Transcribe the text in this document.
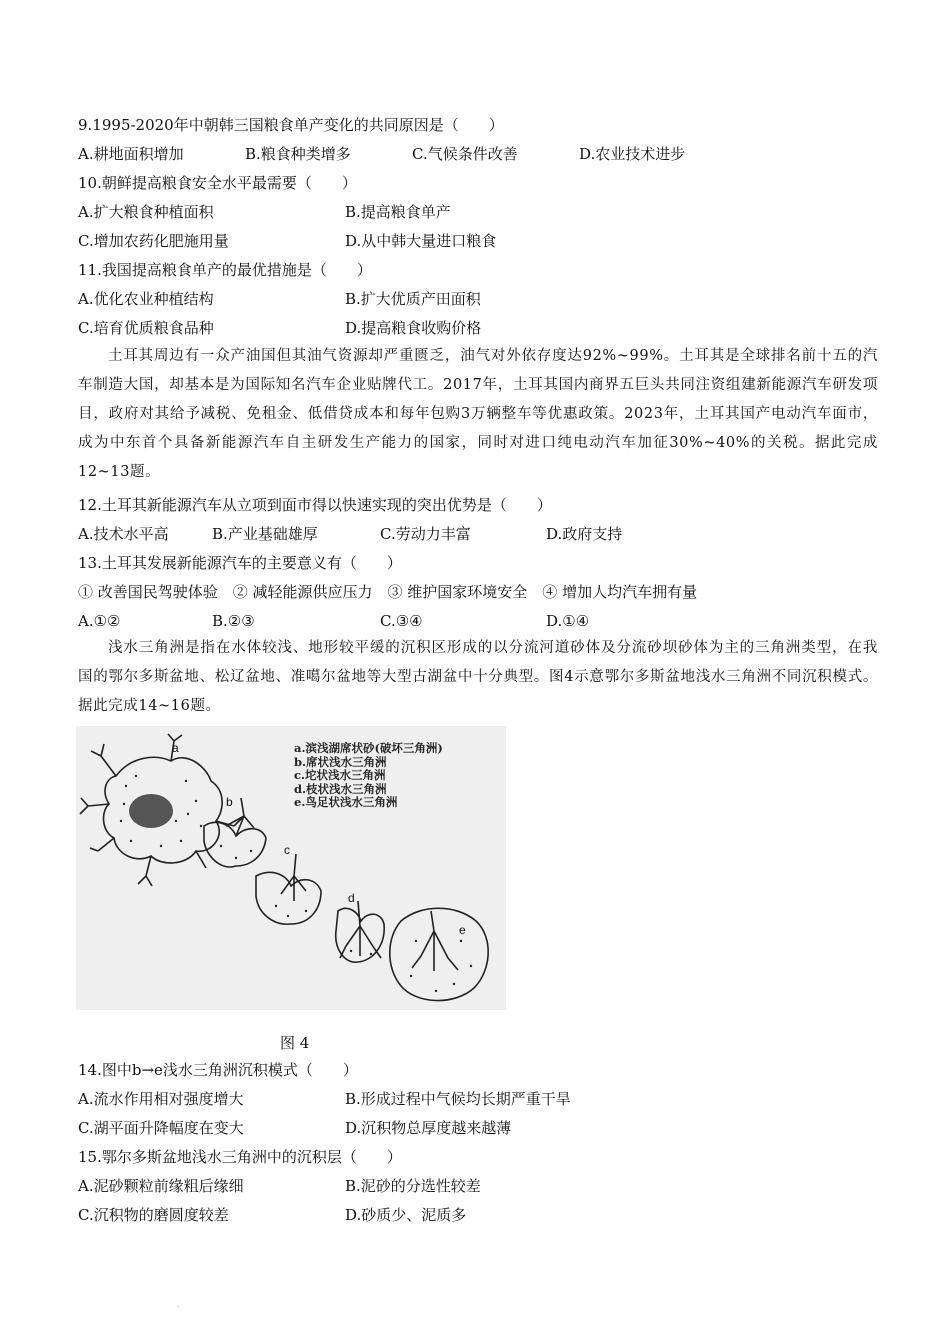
9.1995-2020年中朝韩三国粮食单产变化的共同原因是（　　）
A.耕地面积增加	B.粮食种类增多	C.气候条件改善	D.农业技术进步
10.朝鲜提高粮食安全水平最需要（　　）
A.扩大粮食种植面积	B.提高粮食单产
C.增加农药化肥施用量	D.从中韩大量进口粮食
11.我国提高粮食单产的最优措施是（　　）
A.优化农业种植结构	B.扩大优质产田面积
C.培育优质粮食品种	D.提高粮食收购价格
土耳其周边有一众产油国但其油气资源却严重匮乏，油气对外依存度达92%~99%。土耳其是全球排名前十五的汽车制造大国，却基本是为国际知名汽车企业贴牌代工。2017年，土耳其国内商界五巨头共同注资组建新能源汽车研发项目，政府对其给予减税、免租金、低借贷成本和每年包购3万辆整车等优惠政策。2023年，土耳其国产电动汽车面市，成为中东首个具备新能源汽车自主研发生产能力的国家，同时对进口纯电动汽车加征30%~40%的关税。据此完成12~13题。
12.土耳其新能源汽车从立项到面市得以快速实现的突出优势是（　　）
A.技术水平高	B.产业基础雄厚	C.劳动力丰富	D.政府支持
13.土耳其发展新能源汽车的主要意义有（　　）
① 改善国民驾驶体验　② 减轻能源供应压力　③ 维护国家环境安全　④ 增加人均汽车拥有量
A.①②	B.②③	C.③④	D.①④
浅水三角洲是指在水体较浅、地形较平缓的沉积区形成的以分流河道砂体及分流砂坝砂体为主的三角洲类型，在我国的鄂尔多斯盆地、松辽盆地、准噶尔盆地等大型古湖盆中十分典型。图4示意鄂尔多斯盆地浅水三角洲不同沉积模式。据此完成14~16题。
a
b
c
d
e
a.滨浅湖席状砂(破坏三角洲)
b.席状浅水三角洲
c.坨状浅水三角洲
d.枝状浅水三角洲
e.鸟足状浅水三角洲
图 4
14.图中b→e浅水三角洲沉积模式（　　）
A.流水作用相对强度增大	B.形成过程中气候均长期严重干旱
C.湖平面升降幅度在变大	D.沉积物总厚度越来越薄
15.鄂尔多斯盆地浅水三角洲中的沉积层（　　）
A.泥砂颗粒前缘粗后缘细	B.泥砂的分选性较差
C.沉积物的磨圆度较差	D.砂质少、泥质多
.
